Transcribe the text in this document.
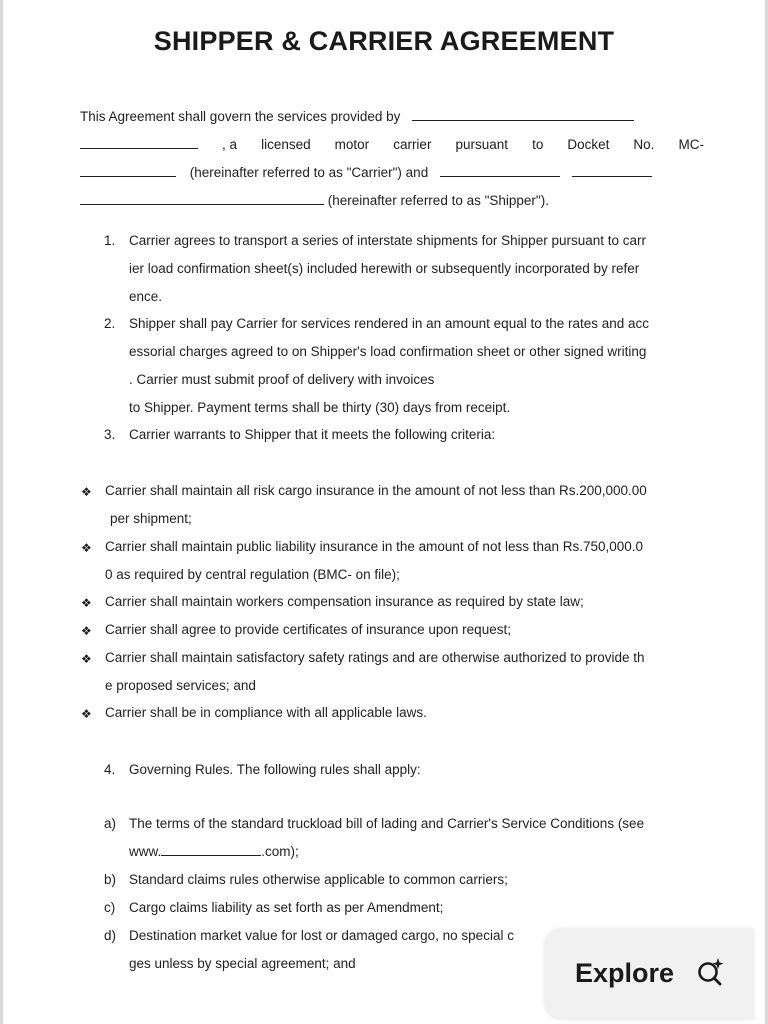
SHIPPER & CARRIER AGREEMENT
This Agreement shall govern the services provided by
, a licensed motor carrier pursuant to Docket No. MC-
(hereinafter referred to as "Carrier") and
(hereinafter referred to as "Shipper").
1. Carrier agrees to transport a series of interstate shipments for Shipper pursuant to carr
ier load confirmation sheet(s) included herewith or subsequently incorporated by refer
ence.
2. Shipper shall pay Carrier for services rendered in an amount equal to the rates and acc
essorial charges agreed to on Shipper's load confirmation sheet or other signed writing
. Carrier must submit proof of delivery with invoices
to Shipper. Payment terms shall be thirty (30) days from receipt.
3. Carrier warrants to Shipper that it meets the following criteria:
❖ Carrier shall maintain all risk cargo insurance in the amount of not less than Rs.200,000.00
per shipment;
❖ Carrier shall maintain public liability insurance in the amount of not less than Rs.750,000.0
0 as required by central regulation (BMC- on file);
❖ Carrier shall maintain workers compensation insurance as required by state law;
❖ Carrier shall agree to provide certificates of insurance upon request;
❖ Carrier shall maintain satisfactory safety ratings and are otherwise authorized to provide th
e proposed services; and
❖ Carrier shall be in compliance with all applicable laws.
4. Governing Rules. The following rules shall apply:
a) The terms of the standard truckload bill of lading and Carrier's Service Conditions (see
www.	.com);
b) Standard claims rules otherwise applicable to common carriers;
c) Cargo claims liability as set forth as per Amendment;
d) Destination market value for lost or damaged cargo, no special c
ges unless by special agreement; and	Explore
